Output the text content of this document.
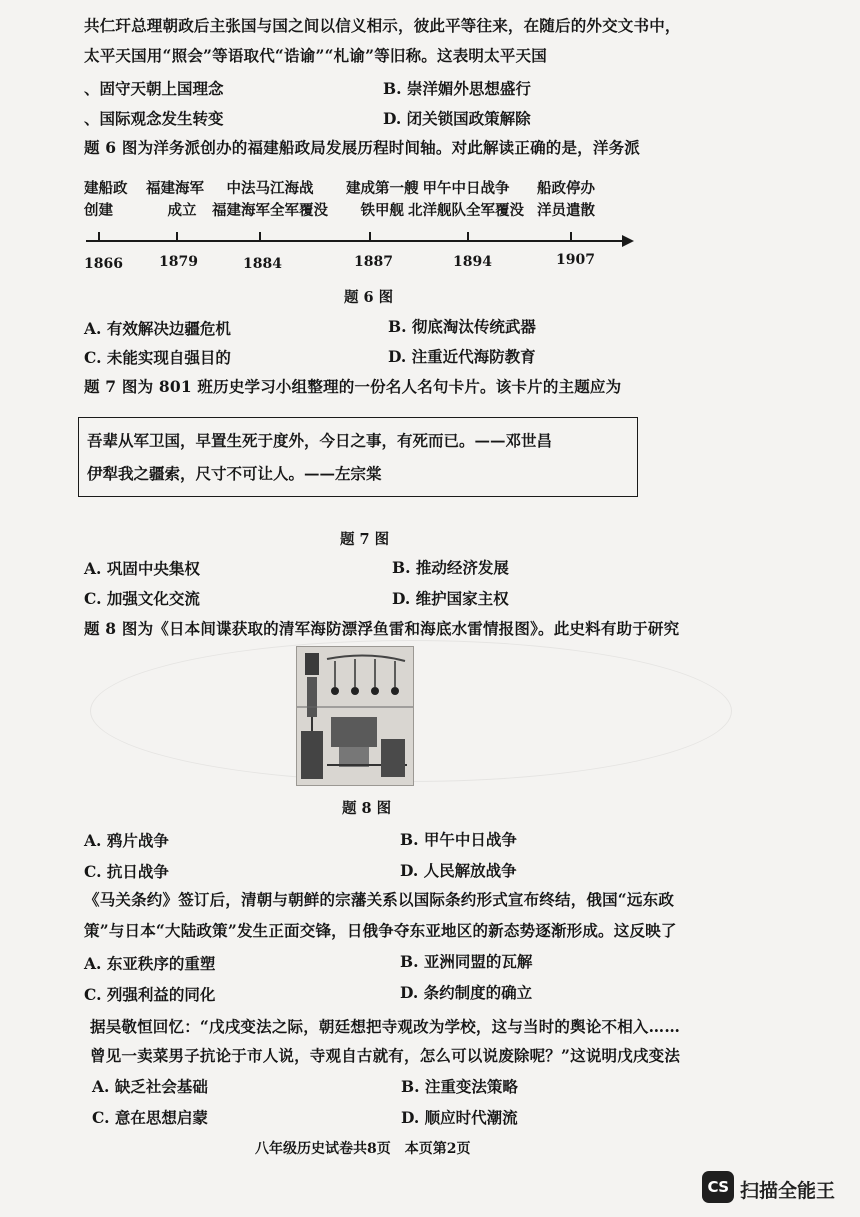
共仁玕总理朝政后主张国与国之间以信义相示，彼此平等往来，在随后的外交文书中，
太平天国用“照会”等语取代“诰谕”“札谕”等旧称。这表明太平天国
、固守天朝上国理念	B. 崇洋媚外思想盛行
、国际观念发生转变	D. 闭关锁国政策解除
题 6 图为洋务派创办的福建船政局发展历程时间轴。对此解读正确的是，洋务派
建船政
创建
福建海军
成立
中法马江海战
福建海军全军覆没
建成第一艘
铁甲舰
甲午中日战争
北洋舰队全军覆没
船政停办
洋员遣散
1866	1879	1884	1887	1894	1907
题 6 图
A. 有效解决边疆危机	B. 彻底淘汰传统武器
C. 未能实现自强目的	D. 注重近代海防教育
题 7 图为 801 班历史学习小组整理的一份名人名句卡片。该卡片的主题应为
吾辈从军卫国，早置生死于度外，今日之事，有死而已。——邓世昌
伊犁我之疆索，尺寸不可让人。——左宗棠
题 7 图
A. 巩固中央集权	B. 推动经济发展
C. 加强文化交流	D. 维护国家主权
题 8 图为《日本间谍获取的清军海防漂浮鱼雷和海底水雷情报图》。此史料有助于研究
题 8 图
A. 鸦片战争	B. 甲午中日战争
C. 抗日战争	D. 人民解放战争
《马关条约》签订后，清朝与朝鲜的宗藩关系以国际条约形式宣布终结，俄国“远东政
策”与日本“大陆政策”发生正面交锋，日俄争夺东亚地区的新态势逐渐形成。这反映了
A. 东亚秩序的重塑	B. 亚洲同盟的瓦解
C. 列强利益的同化	D. 条约制度的确立
据吴敬恒回忆：“戊戌变法之际，朝廷想把寺观改为学校，这与当时的舆论不相入……
曾见一卖菜男子抗论于市人说，寺观自古就有，怎么可以说废除呢？”这说明戊戌变法
A. 缺乏社会基础	B. 注重变法策略
C. 意在思想启蒙	D. 顺应时代潮流
八年级历史试卷共8页　本页第2页
CS 扫描全能王
